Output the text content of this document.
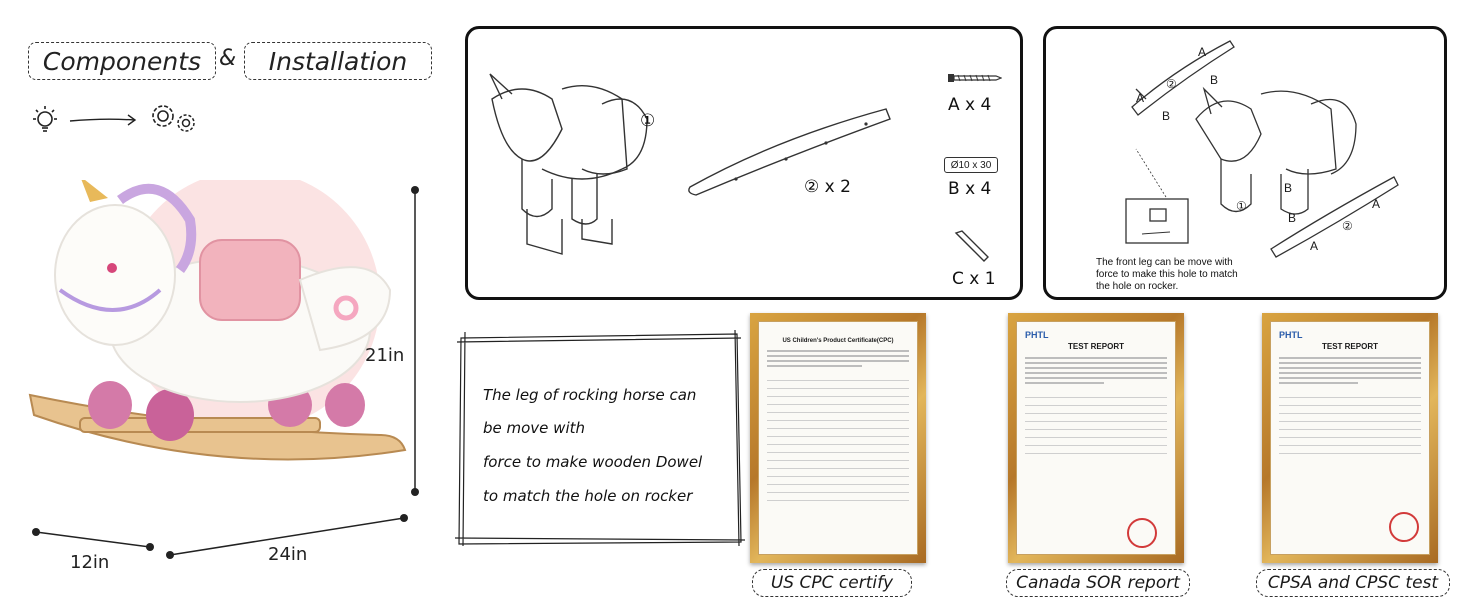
Components &	Installation
21in
12in	24in
①
② x 2
A x 4
Ø10 x 30
B x 4
C x 1
A
B
②
A
B
①
B
A
②
A
B
The front leg can be move with force to make this hole to match the hole on rocker.
The leg of rocking horse can
be move with
force to make wooden Dowel
to match the hole on rocker
US Children's Product Certificate(CPC)
US CPC certify
PHTL
TEST REPORT
Canada SOR report
PHTL
TEST REPORT
CPSA and CPSC test
